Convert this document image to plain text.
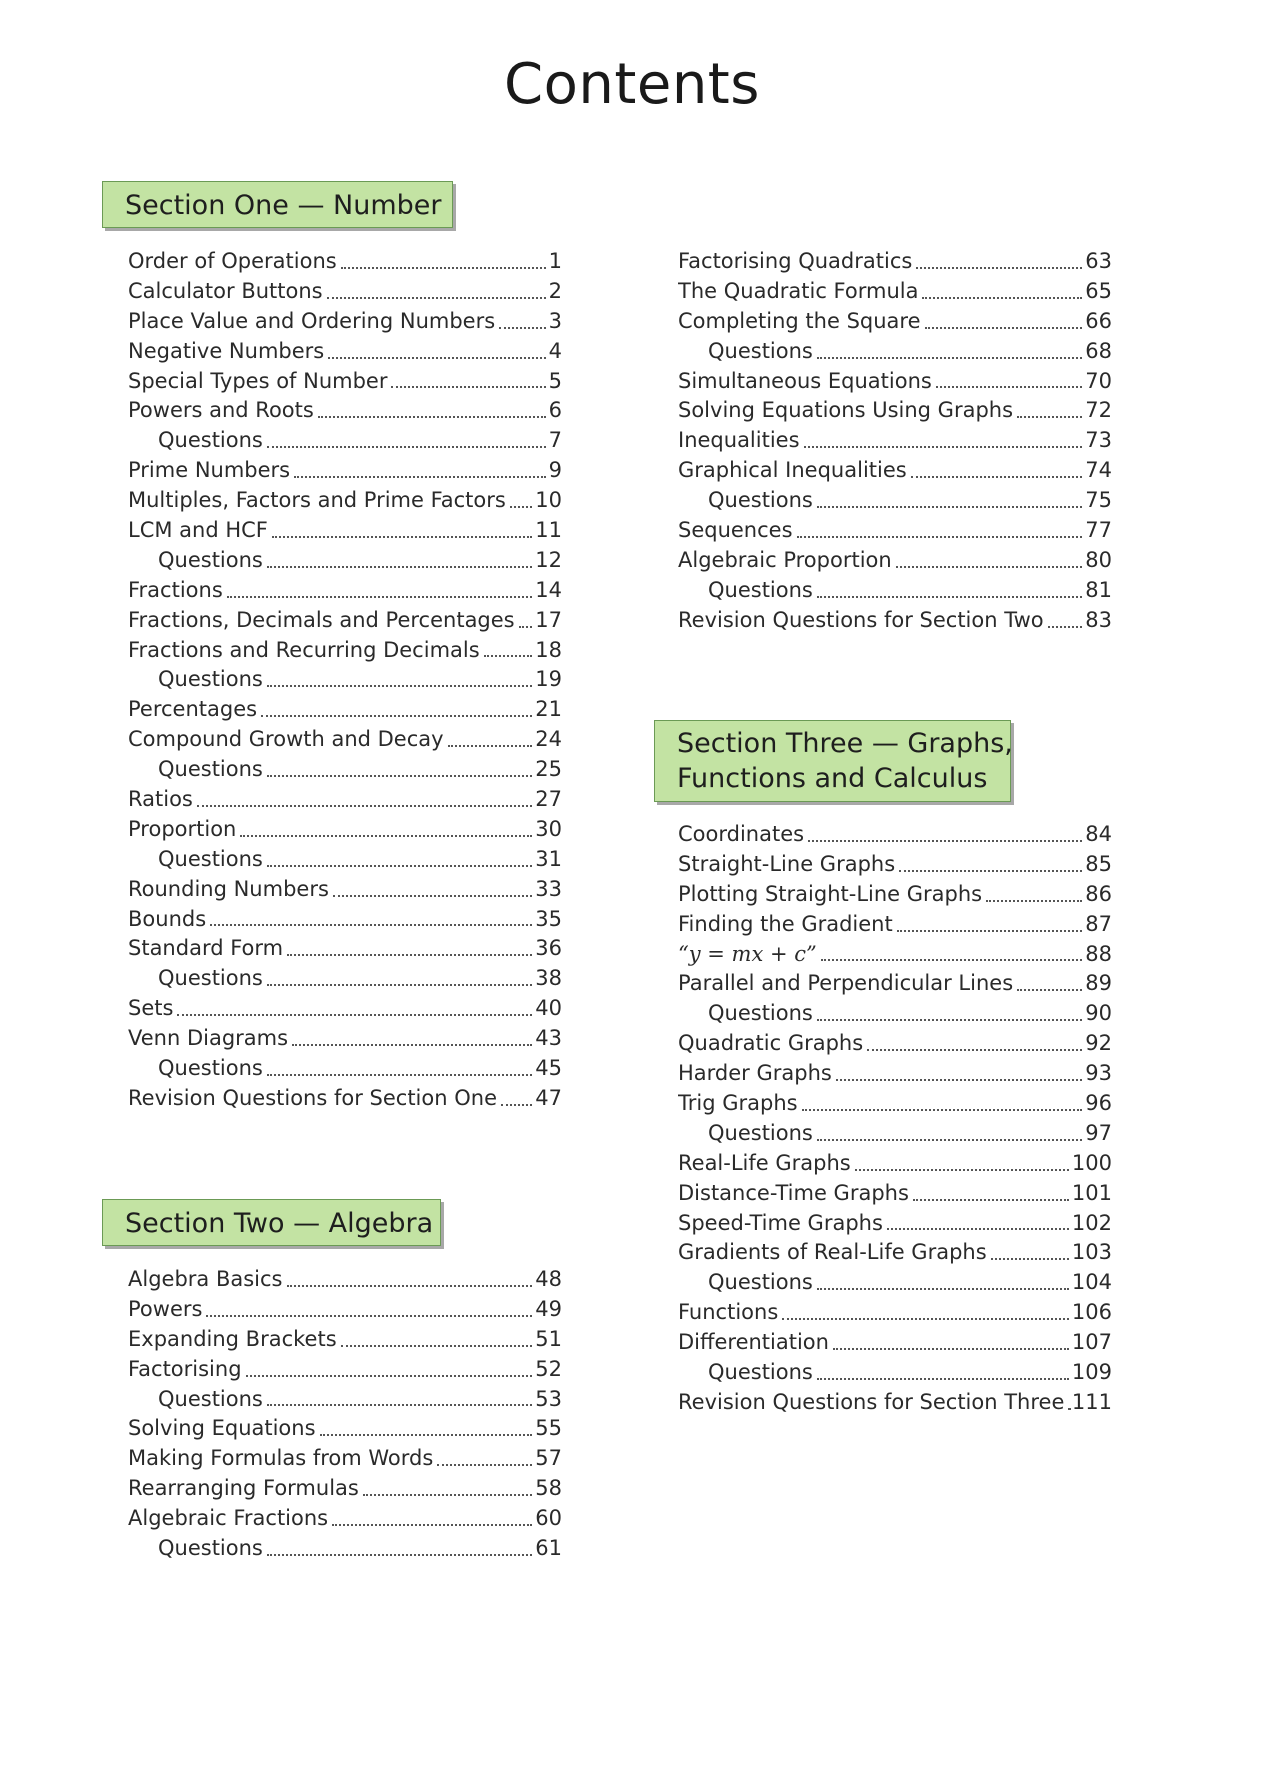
Contents
Section One — Number
Order of Operations	1
Calculator Buttons	2
Place Value and Ordering Numbers	3
Negative Numbers	4
Special Types of Number	5
Powers and Roots	6
Questions	7
Prime Numbers	9
Multiples, Factors and Prime Factors 10
LCM and HCF	11
Questions	12
Fractions	14
Fractions, Decimals and Percentages 17
Fractions and Recurring Decimals	18
Questions	19
Percentages	21
Compound Growth and Decay	24
Questions	25
Ratios	27
Proportion	30
Questions	31
Rounding Numbers	33
Bounds	35
Standard Form	36
Questions	38
Sets	40
Venn Diagrams	43
Questions	45
Revision Questions for Section One 47
Section Two — Algebra
Algebra Basics	48
Powers	49
Expanding Brackets	51
Factorising	52
Questions	53
Solving Equations	55
Making Formulas from Words	57
Rearranging Formulas	58
Algebraic Fractions	60
Questions	61
Factorising Quadratics	63
The Quadratic Formula	65
Completing the Square	66
Questions	68
Simultaneous Equations	70
Solving Equations Using Graphs	72
Inequalities	73
Graphical Inequalities	74
Questions	75
Sequences	77
Algebraic Proportion	80
Questions	81
Revision Questions for Section Two 83
Section Three — Graphs,
Functions and Calculus
Coordinates	84
Straight-Line Graphs	85
Plotting Straight-Line Graphs	86
Finding the Gradient	87
“y = mx + c”	88
Parallel and Perpendicular Lines	89
Questions	90
Quadratic Graphs	92
Harder Graphs	93
Trig Graphs	96
Questions	97
Real-Life Graphs	100
Distance-Time Graphs	101
Speed-Time Graphs	102
Gradients of Real-Life Graphs	103
Questions	104
Functions	106
Differentiation	107
Questions	109
Revision Questions for Section Three 111
